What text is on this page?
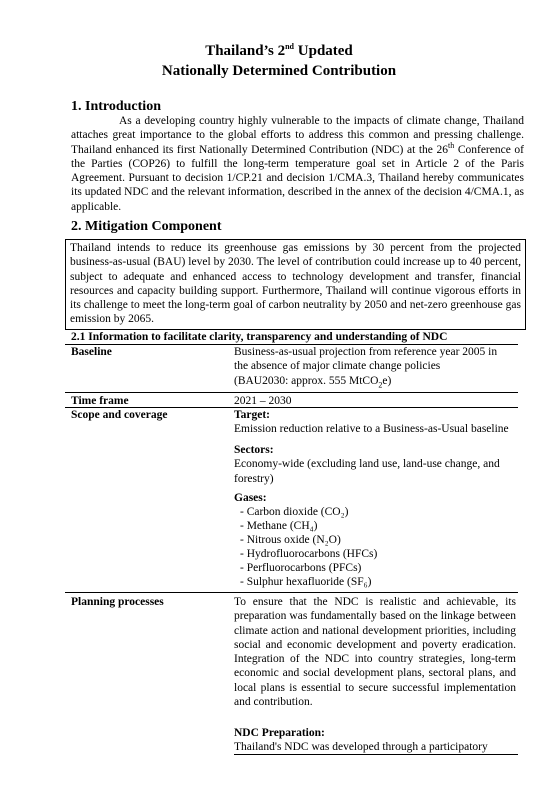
Thailand’s 2nd Updated
Nationally Determined Contribution
1. Introduction
As a developing country highly vulnerable to the impacts of climate change, Thailand attaches great importance to the global efforts to address this common and pressing challenge. Thailand enhanced its first Nationally Determined Contribution (NDC) at the 26th Conference of the Parties (COP26) to fulfill the long-term temperature goal set in Article 2 of the Paris Agreement. Pursuant to decision 1/CP.21 and decision 1/CMA.3, Thailand hereby communicates its updated NDC and the relevant information, described in the annex of the decision 4/CMA.1, as applicable.
2. Mitigation Component
Thailand intends to reduce its greenhouse gas emissions by 30 percent from the projected business-as-usual (BAU) level by 2030. The level of contribution could increase up to 40 percent, subject to adequate and enhanced access to technology development and transfer, financial resources and capacity building support. Furthermore, Thailand will continue vigorous efforts in its challenge to meet the long-term goal of carbon neutrality by 2050 and net-zero greenhouse gas emission by 2065.
2.1 Information to facilitate clarity, transparency and understanding of NDC
Baseline	Business-as-usual projection from reference year 2005 in
the absence of major climate change policies
(BAU2030: approx. 555 MtCO$_2$e)
Time frame	2021 – 2030
Scope and coverage	Target:
Emission reduction relative to a Business-as-Usual baseline
Sectors:
Economy-wide (excluding land use, land-use change, and forestry)
Gases:
- Carbon dioxide (CO₂)
- Methane (CH₄)
- Nitrous oxide (N₂O)
- Hydrofluorocarbons (HFCs)
- Perfluorocarbons (PFCs)
- Sulphur hexafluoride (SF₆)
Planning processes	To ensure that the NDC is realistic and achievable, its preparation was fundamentally based on the linkage between climate action and national development priorities, including social and economic development and poverty eradication. Integration of the NDC into country strategies, long-term economic and social development plans, sectoral plans, and local plans is essential to secure successful implementation and contribution.
NDC Preparation:
Thailand's NDC was developed through a participatory
